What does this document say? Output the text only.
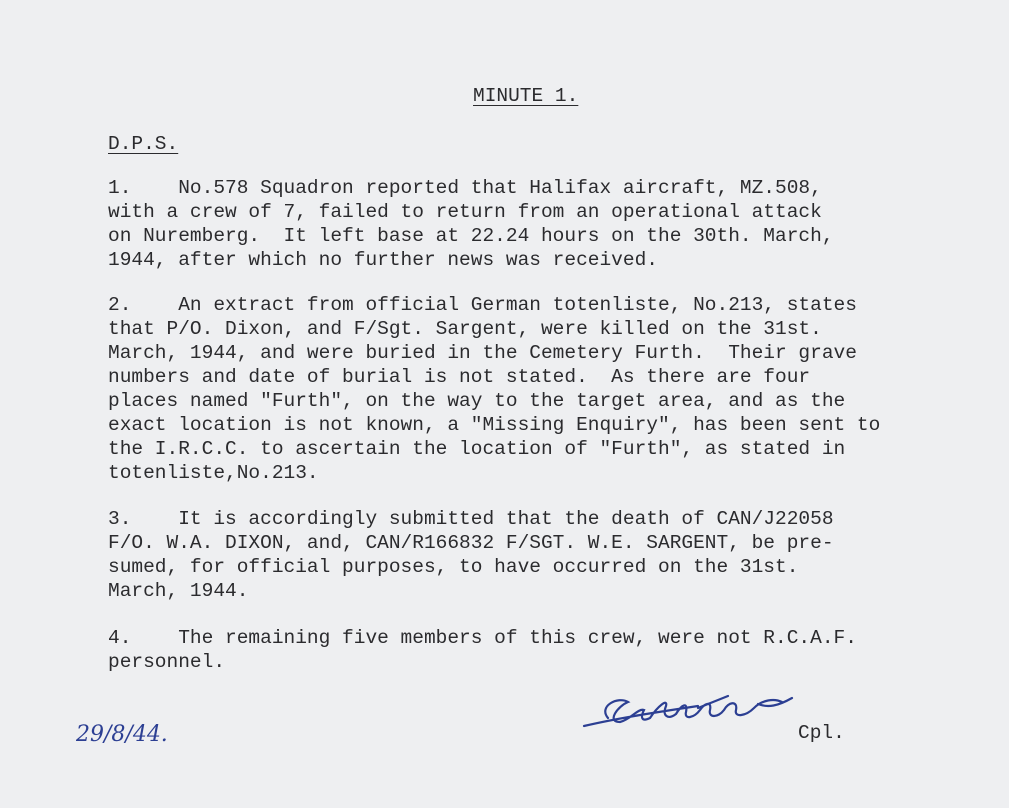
MINUTE 1.
D.P.S.
1.    No.578 Squadron reported that Halifax aircraft, MZ.508,
with a crew of 7, failed to return from an operational attack
on Nuremberg.  It left base at 22.24 hours on the 30th. March,
1944, after which no further news was received.
2.    An extract from official German totenliste, No.213, states
that P/O. Dixon, and F/Sgt. Sargent, were killed on the 31st.
March, 1944, and were buried in the Cemetery Furth.  Their grave
numbers and date of burial is not stated.  As there are four
places named "Furth", on the way to the target area, and as the
exact location is not known, a "Missing Enquiry", has been sent to
the I.R.C.C. to ascertain the location of "Furth", as stated in
totenliste,No.213.
3.    It is accordingly submitted that the death of CAN/J22058
F/O. W.A. DIXON, and, CAN/R166832 F/SGT. W.E. SARGENT, be pre-
sumed, for official purposes, to have occurred on the 31st.
March, 1944.
4.    The remaining five members of this crew, were not R.C.A.F.
personnel.
29/8/44.	Cpl.
